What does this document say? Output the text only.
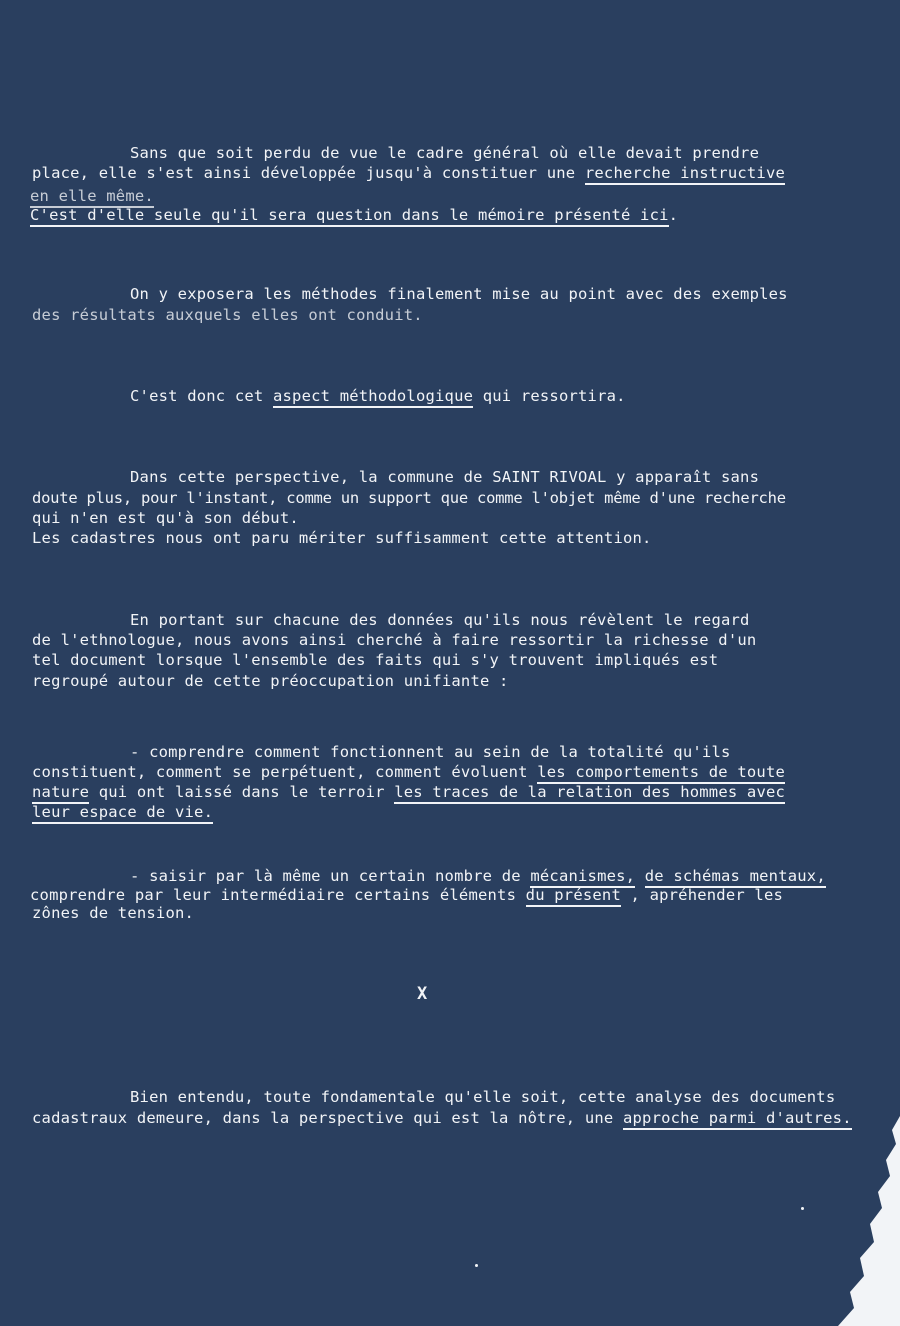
Sans que soit perdu de vue le cadre général où elle devait prendre
place, elle s'est ainsi développée jusqu'à constituer une recherche instructive
en elle même.
C'est d'elle seule qu'il sera question dans le mémoire présenté ici.
On y exposera les méthodes finalement mise au point avec des exemples
des résultats auxquels elles ont conduit.
C'est donc cet aspect méthodologique qui ressortira.
Dans cette perspective, la commune de SAINT RIVOAL y apparaît sans
doute plus, pour l'instant, comme un support que comme l'objet même d'une recherche
qui n'en est qu'à son début.
Les cadastres nous ont paru mériter suffisamment cette attention.
En portant sur chacune des données qu'ils nous révèlent le regard
de l'ethnologue, nous avons ainsi cherché à faire ressortir la richesse d'un
tel document lorsque l'ensemble des faits qui s'y trouvent impliqués est
regroupé autour de cette préoccupation unifiante :
- comprendre comment fonctionnent au sein de la totalité qu'ils
constituent, comment se perpétuent, comment évoluent les comportements de toute
nature qui ont laissé dans le terroir les traces de la relation des hommes avec
leur espace de vie.
- saisir par là même un certain nombre de mécanismes, de schémas mentaux,
comprendre par leur intermédiaire certains éléments du présent , apréhender les
zônes de tension.
X
Bien entendu, toute fondamentale qu'elle soit, cette analyse des documents
cadastraux demeure, dans la perspective qui est la nôtre, une approche parmi d'autres.
